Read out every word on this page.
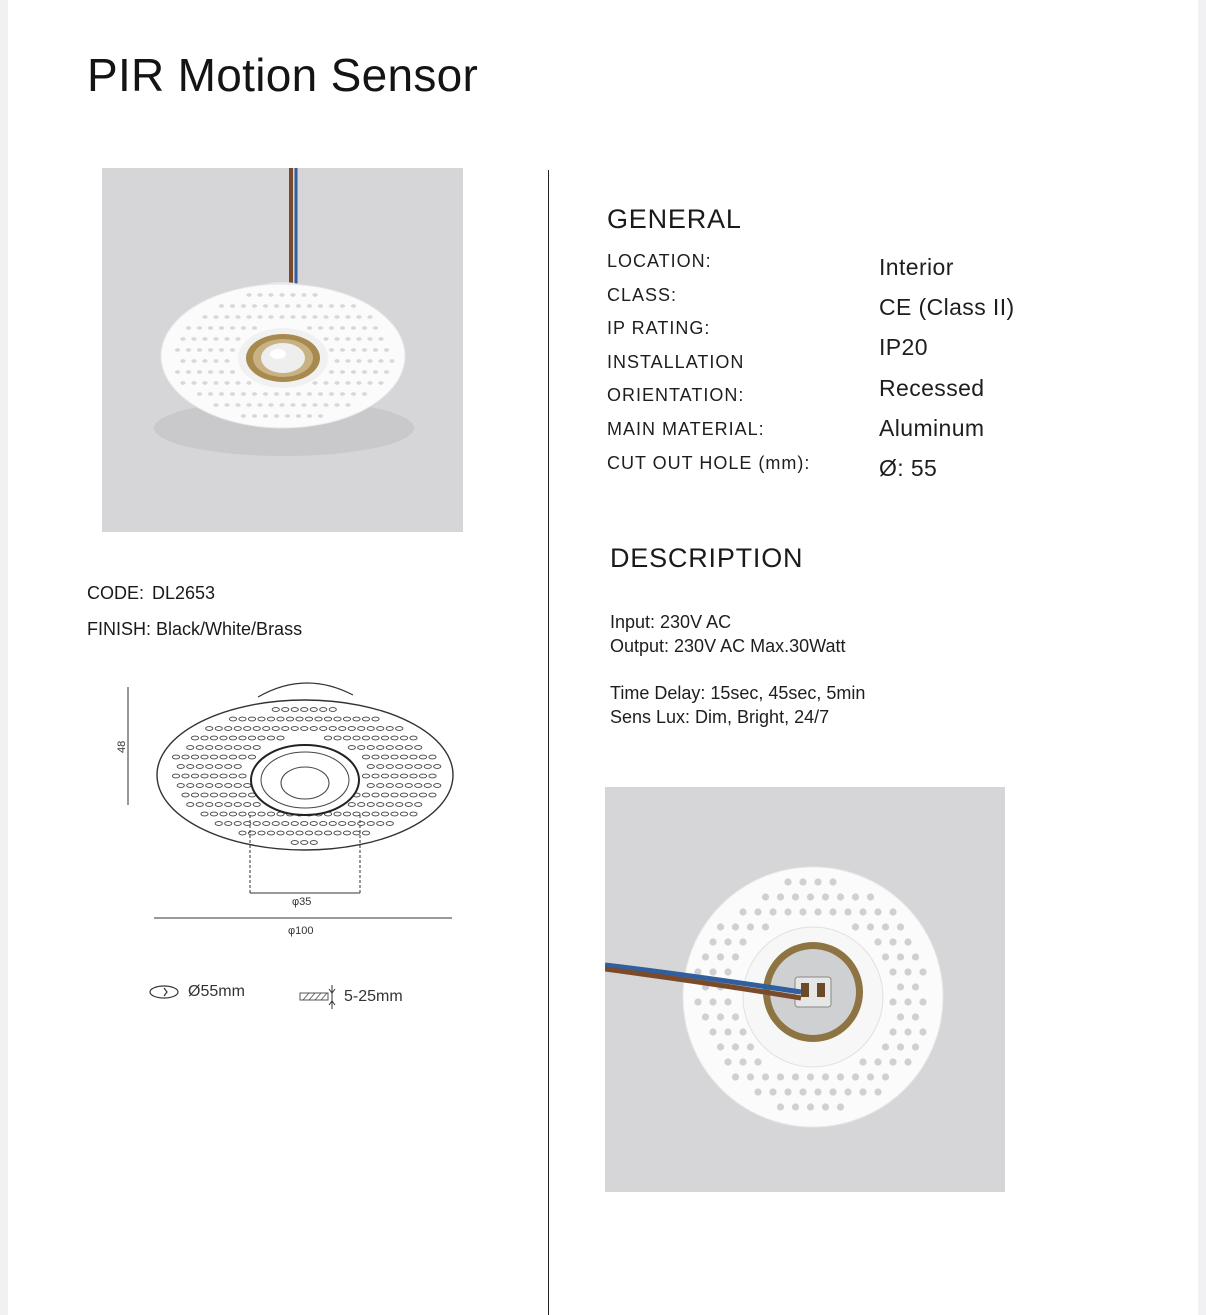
PIR Motion Sensor
CODE: DL2653
FINISH: Black/White/Brass
48
φ35
φ100
Ø55mm	5-25mm
GENERAL
LOCATION:
CLASS:
IP RATING:
INSTALLATION
ORIENTATION:
MAIN MATERIAL:
CUT OUT HOLE (mm):
Interior
CE (Class II)
IP20
Recessed
Aluminum
Ø: 55
DESCRIPTION
Input: 230V AC
Output: 230V AC Max.30Watt
Time Delay: 15sec, 45sec, 5min
Sens Lux: Dim, Bright, 24/7
